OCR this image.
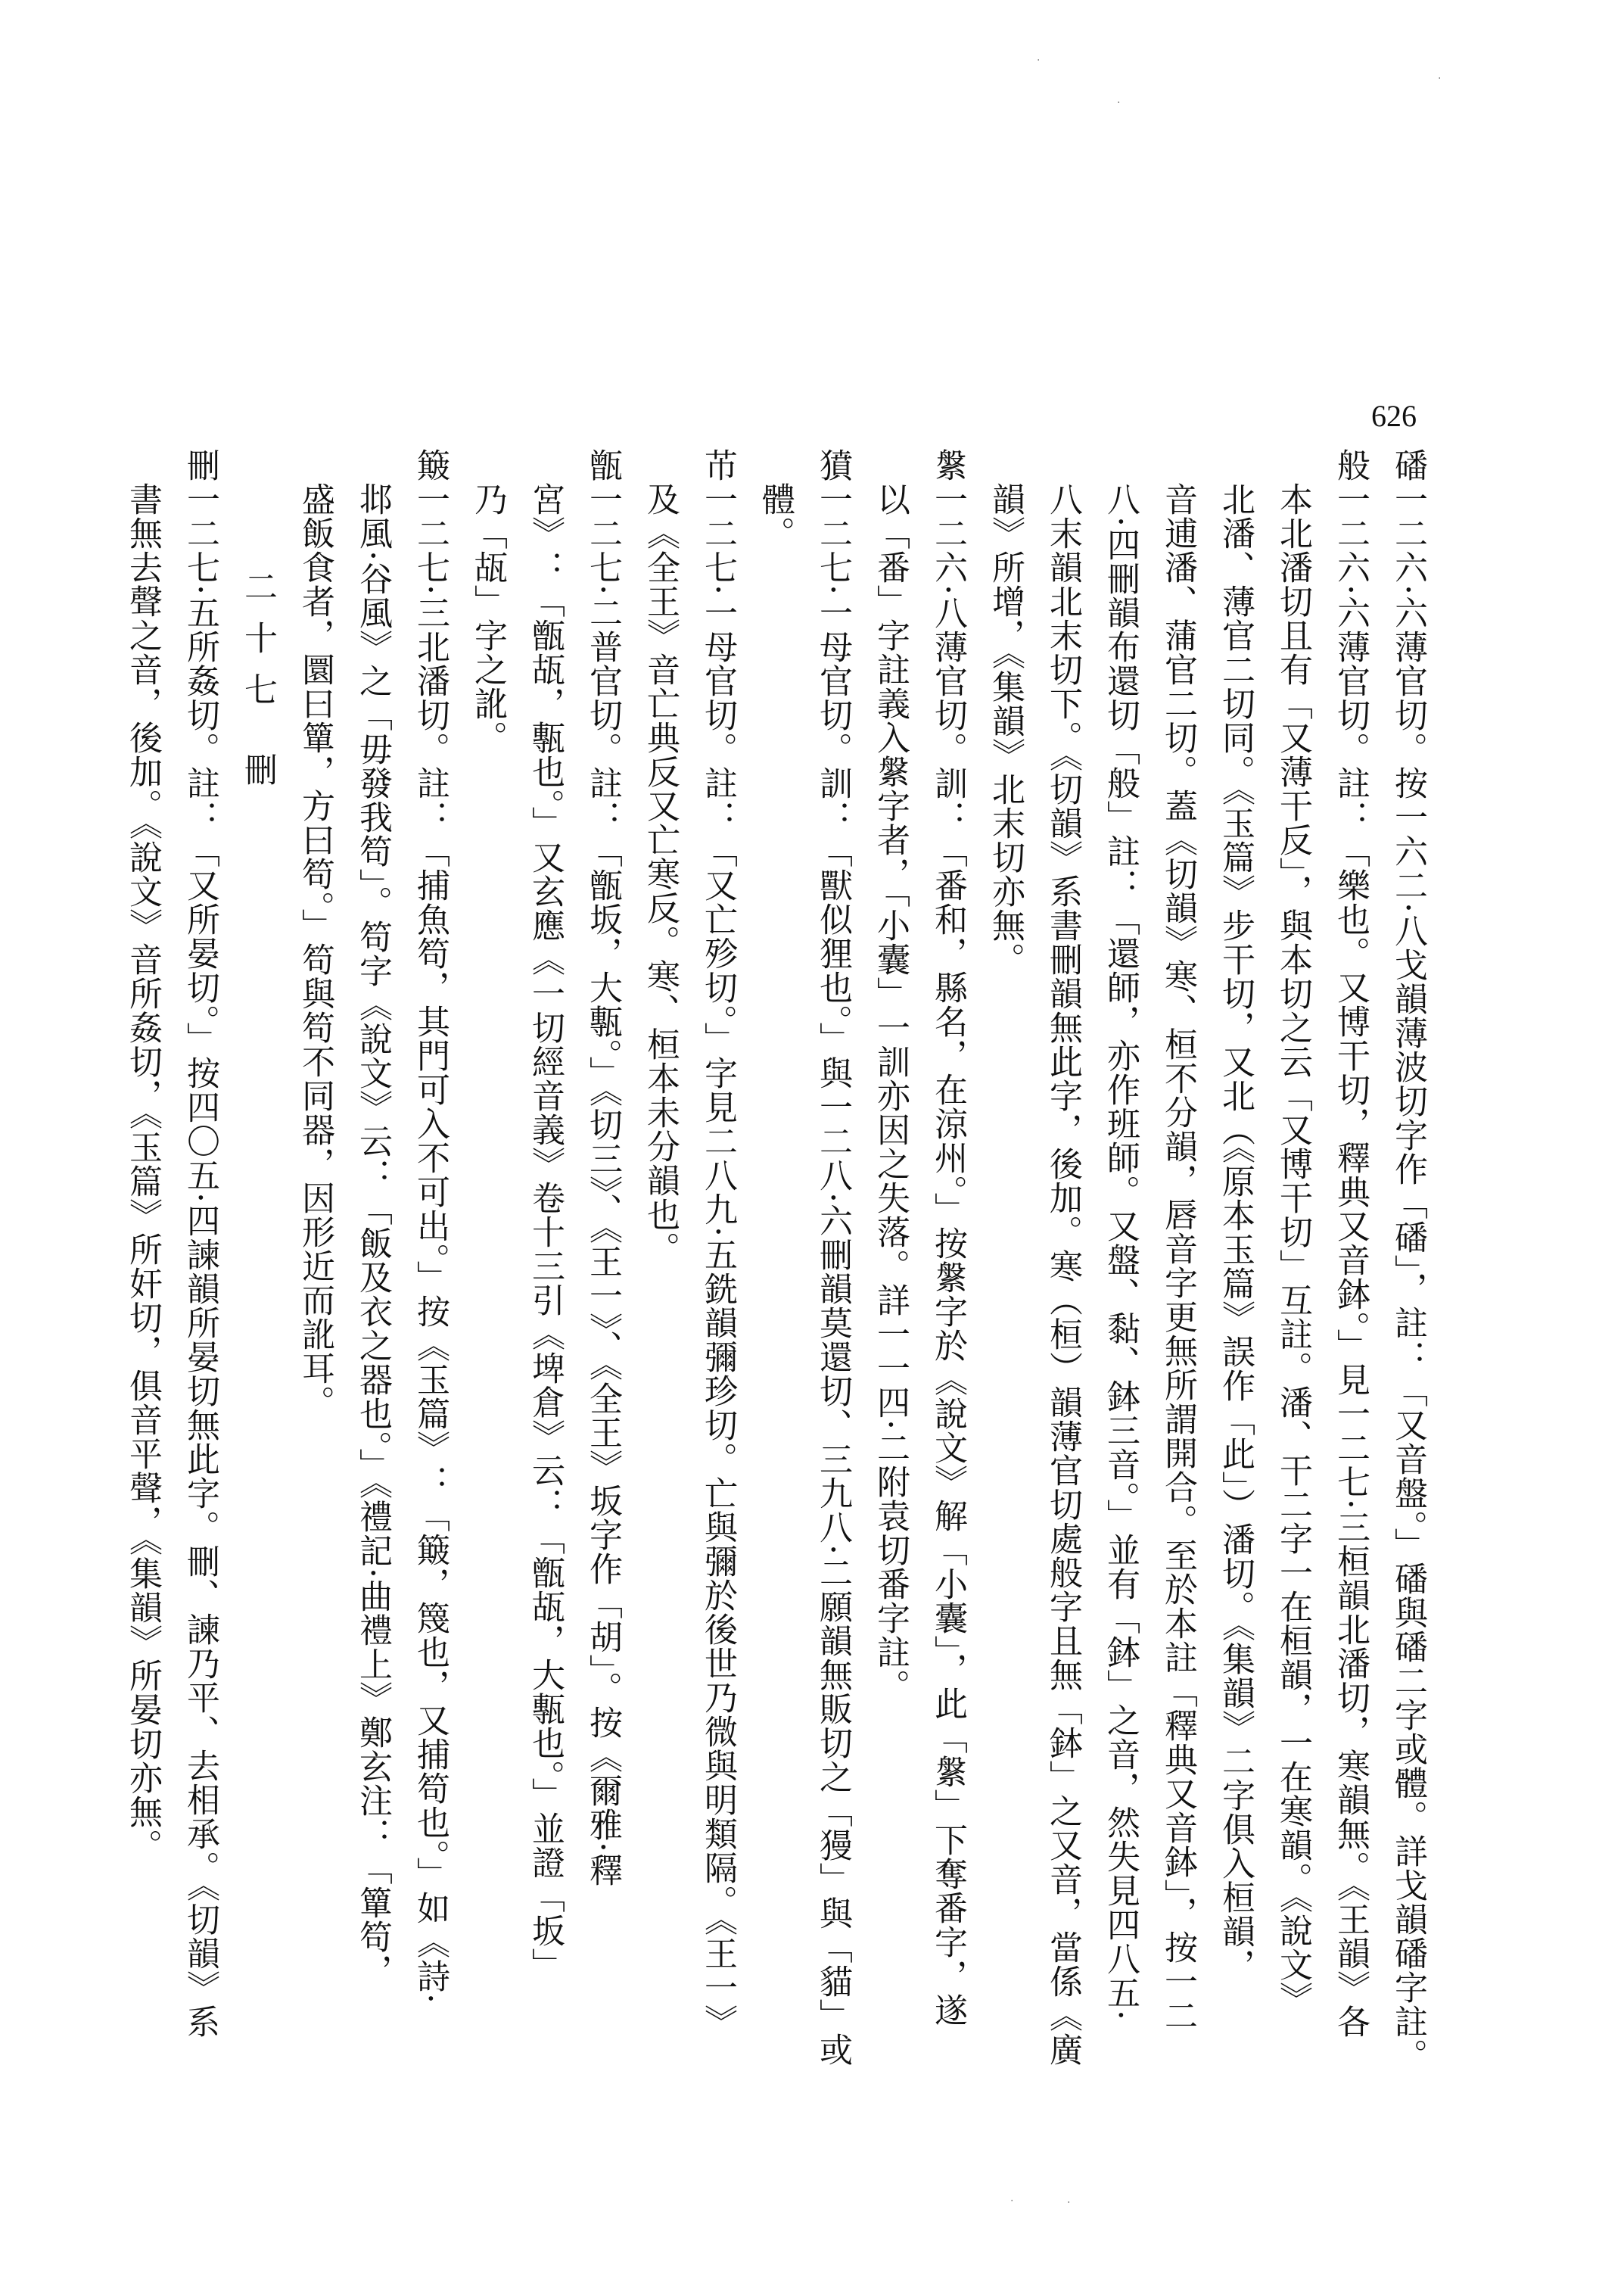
626
磻一二六·六薄官切。按一六二·八戈韻薄波切字作「磻」，註：「又音盤。」磻與磻二字或體。詳戈韻磻字註。
般一二六·六薄官切。註：「樂也。又博干切，釋典又音鉢。」見一二七·三桓韻北潘切，寒韻無。《王韻》各
本北潘切且有「又薄干反」，與本切之云「又博干切」互註。潘、干二字一在桓韻，一在寒韻。《說文》
北潘、薄官二切同。《玉篇》步干切，又北（《原本玉篇》誤作「此」）潘切。《集韻》二字俱入桓韻，
音逋潘、蒲官二切。蓋《切韻》寒、桓不分韻，唇音字更無所謂開合。至於本註「釋典又音鉢」，按一二
八·四刪韻布還切「般」註：「還師，亦作班師。又盤、黏、鉢三音。」並有「鉢」之音，然失見四八五·
八末韻北末切下。《切韻》系書刪韻無此字，後加。寒（桓）韻薄官切處般字且無「鉢」之又音，當係《廣
韻》所增，《集韻》北末切亦無。
縏一二六·八薄官切。訓：「番和，縣名，在涼州。」按縏字於《說文》解「小囊」，此「縏」下奪番字，遂
以「番」字註義入縏字者，「小囊」一訓亦因之失落。詳一一四·二附袁切番字註。
獖一二七·一母官切。訓：「獸似狸也。」與一二八·六刪韻莫還切、三九八·二願韻無販切之「獌」與「貓」或
體。
芇一二七·一母官切。註：「又亡殄切。」字見二八九·五銑韻彌珍切。亡與彌於後世乃微與明類隔。《王一》
及《全王》音亡典反又亡寒反。寒、桓本未分韻也。
甑一二七·二普官切。註：「甑坂，大甎。」《切三》、《王一》、《全王》坂字作「胡」。按《爾雅·釋
宮》：「甑瓳，甎也。」又玄應《一切經音義》卷十三引《埤倉》云：「甑瓳，大甎也。」並證「坂」
乃「瓳」字之訛。
簸一二七·三北潘切。註：「捕魚笱，其門可入不可出。」按《玉篇》：「簸，篾也，又捕笱也。」如《詩·
邶風·谷風》之「毋發我笱」。笱字《說文》云：「飯及衣之器也。」《禮記·曲禮上》鄭玄注：「簞笱，
盛飯食者，圜曰簞，方曰笱。」笱與笱不同器，因形近而訛耳。
二十七 刪
刪一二七·五所姦切。註：「又所晏切。」按四〇五·四諫韻所晏切無此字。刪、諫乃平、去相承。《切韻》系
書無去聲之音，後加。《說文》音所姦切，《玉篇》所奸切，俱音平聲，《集韻》所晏切亦無。
·
·
·
·	·
